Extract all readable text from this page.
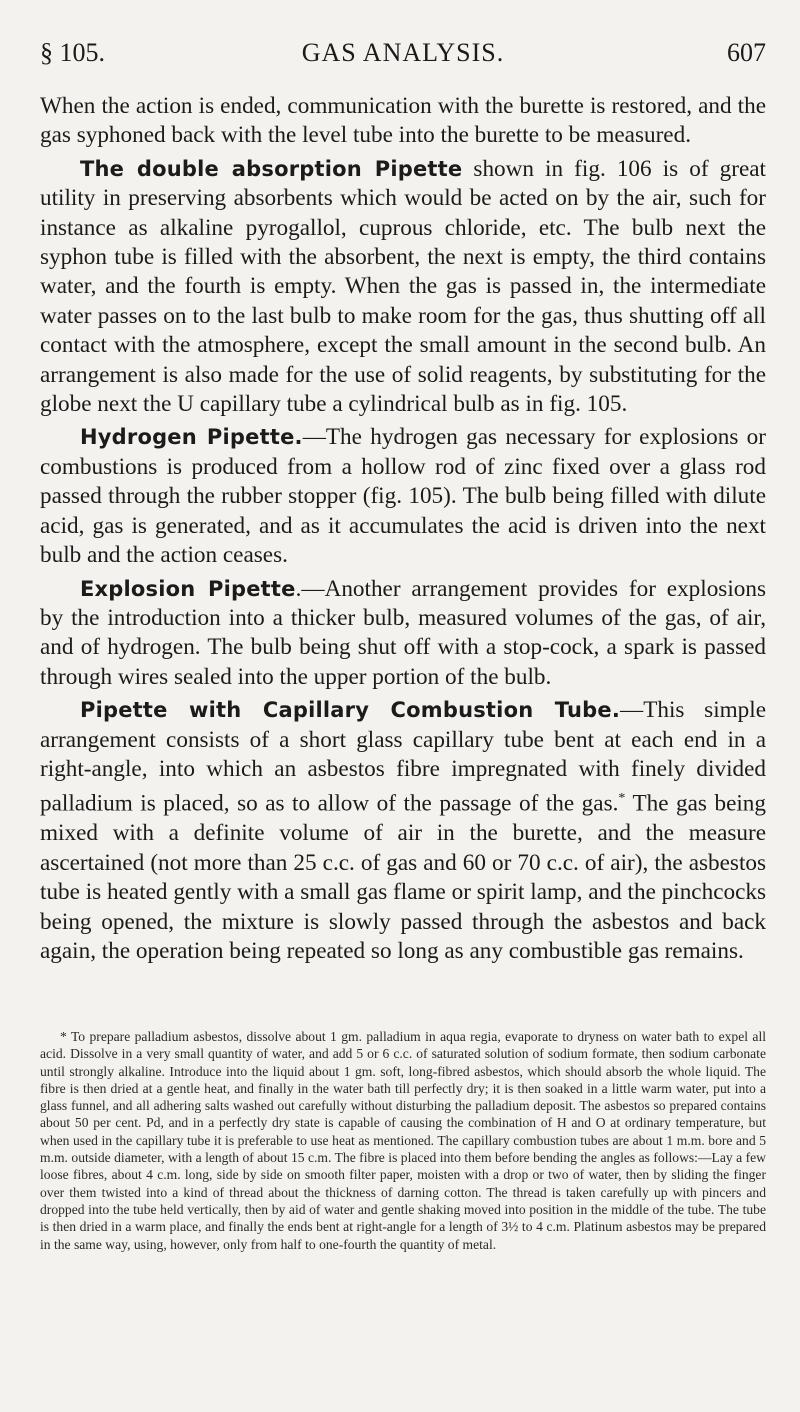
§ 105.	GAS ANALYSIS.	607

When the action is ended, communication with the burette is restored, and the gas syphoned back with the level tube into the burette to be measured.

The double absorption Pipette shown in fig. 106 is of great utility in preserving absorbents which would be acted on by the air, such for instance as alkaline pyrogallol, cuprous chloride, etc. The bulb next the syphon tube is filled with the absorbent, the next is empty, the third contains water, and the fourth is empty. When the gas is passed in, the intermediate water passes on to the last bulb to make room for the gas, thus shutting off all contact with the atmosphere, except the small amount in the second bulb. An arrangement is also made for the use of solid reagents, by substituting for the globe next the U capillary tube a cylindrical bulb as in fig. 105.

Hydrogen Pipette.—The hydrogen gas necessary for explosions or combustions is produced from a hollow rod of zinc fixed over a glass rod passed through the rubber stopper (fig. 105). The bulb being filled with dilute acid, gas is generated, and as it accumulates the acid is driven into the next bulb and the action ceases.

Explosion Pipette.—Another arrangement provides for explosions by the introduction into a thicker bulb, measured volumes of the gas, of air, and of hydrogen. The bulb being shut off with a stop-cock, a spark is passed through wires sealed into the upper portion of the bulb.

Pipette with Capillary Combustion Tube.—This simple arrangement consists of a short glass capillary tube bent at each end in a right-angle, into which an asbestos fibre impregnated with finely divided palladium is placed, so as to allow of the passage of the gas.* The gas being mixed with a definite volume of air in the burette, and the measure ascertained (not more than 25 c.c. of gas and 60 or 70 c.c. of air), the asbestos tube is heated gently with a small gas flame or spirit lamp, and the pinchcocks being opened, the mixture is slowly passed through the asbestos and back again, the operation being repeated so long as any combustible gas remains.

* To prepare palladium asbestos, dissolve about 1 gm. palladium in aqua regia, evaporate to dryness on water bath to expel all acid. Dissolve in a very small quantity of water, and add 5 or 6 c.c. of saturated solution of sodium formate, then sodium carbonate until strongly alkaline. Introduce into the liquid about 1 gm. soft, long-fibred asbestos, which should absorb the whole liquid. The fibre is then dried at a gentle heat, and finally in the water bath till perfectly dry; it is then soaked in a little warm water, put into a glass funnel, and all adhering salts washed out carefully without disturbing the palladium deposit. The asbestos so prepared contains about 50 per cent. Pd, and in a perfectly dry state is capable of causing the combination of H and O at ordinary temperature, but when used in the capillary tube it is preferable to use heat as mentioned. The capillary combustion tubes are about 1 m.m. bore and 5 m.m. outside diameter, with a length of about 15 c.m. The fibre is placed into them before bending the angles as follows:—Lay a few loose fibres, about 4 c.m. long, side by side on smooth filter paper, moisten with a drop or two of water, then by sliding the finger over them twisted into a kind of thread about the thickness of darning cotton. The thread is taken carefully up with pincers and dropped into the tube held vertically, then by aid of water and gentle shaking moved into position in the middle of the tube. The tube is then dried in a warm place, and finally the ends bent at right-angle for a length of 3½ to 4 c.m. Platinum asbestos may be prepared in the same way, using, however, only from half to one-fourth the quantity of metal.
